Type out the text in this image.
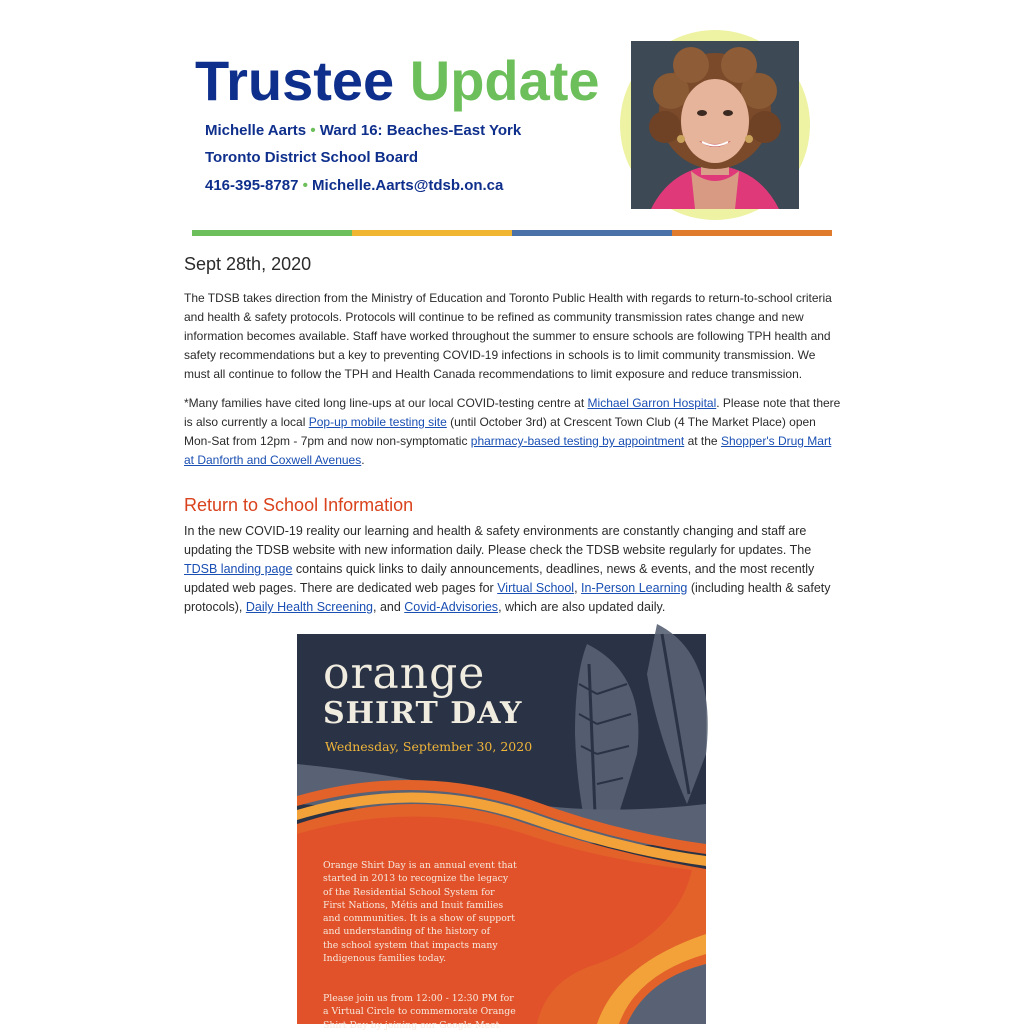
Trustee Update
Michelle Aarts • Ward 16: Beaches-East York
Toronto District School Board
416-395-8787 • Michelle.Aarts@tdsb.on.ca
Sept 28th, 2020
The TDSB takes direction from the Ministry of Education and Toronto Public Health with regards to return-to-school criteria and health & safety protocols. Protocols will continue to be refined as community transmission rates change and new information becomes available. Staff have worked throughout the summer to ensure schools are following TPH health and safety recommendations but a key to preventing COVID-19 infections in schools is to limit community transmission. We must all continue to follow the TPH and Health Canada recommendations to limit exposure and reduce transmission.
*Many families have cited long line-ups at our local COVID-testing centre at Michael Garron Hospital. Please note that there is also currently a local Pop-up mobile testing site (until October 3rd) at Crescent Town Club (4 The Market Place) open Mon-Sat from 12pm - 7pm and now non-symptomatic pharmacy-based testing by appointment at the Shopper's Drug Mart at Danforth and Coxwell Avenues.
Return to School Information
In the new COVID-19 reality our learning and health & safety environments are constantly changing and staff are updating the TDSB website with new information daily. Please check the TDSB website regularly for updates. The TDSB landing page contains quick links to daily announcements, deadlines, news & events, and the most recently updated web pages. There are dedicated web pages for Virtual School, In-Person Learning (including health & safety protocols), Daily Health Screening, and Covid-Advisories, which are also updated daily.
orange
SHIRT DAY
Wednesday, September 30, 2020
Orange Shirt Day is an annual event that
started in 2013 to recognize the legacy
of the Residential School System for
First Nations, Métis and Inuit families
and communities. It is a show of support
and understanding of the history of
the school system that impacts many
Indigenous families today.
Please join us from 12:00 - 12:30 PM for
a Virtual Circle to commemorate Orange
Shirt Day by joining our Google Meet
